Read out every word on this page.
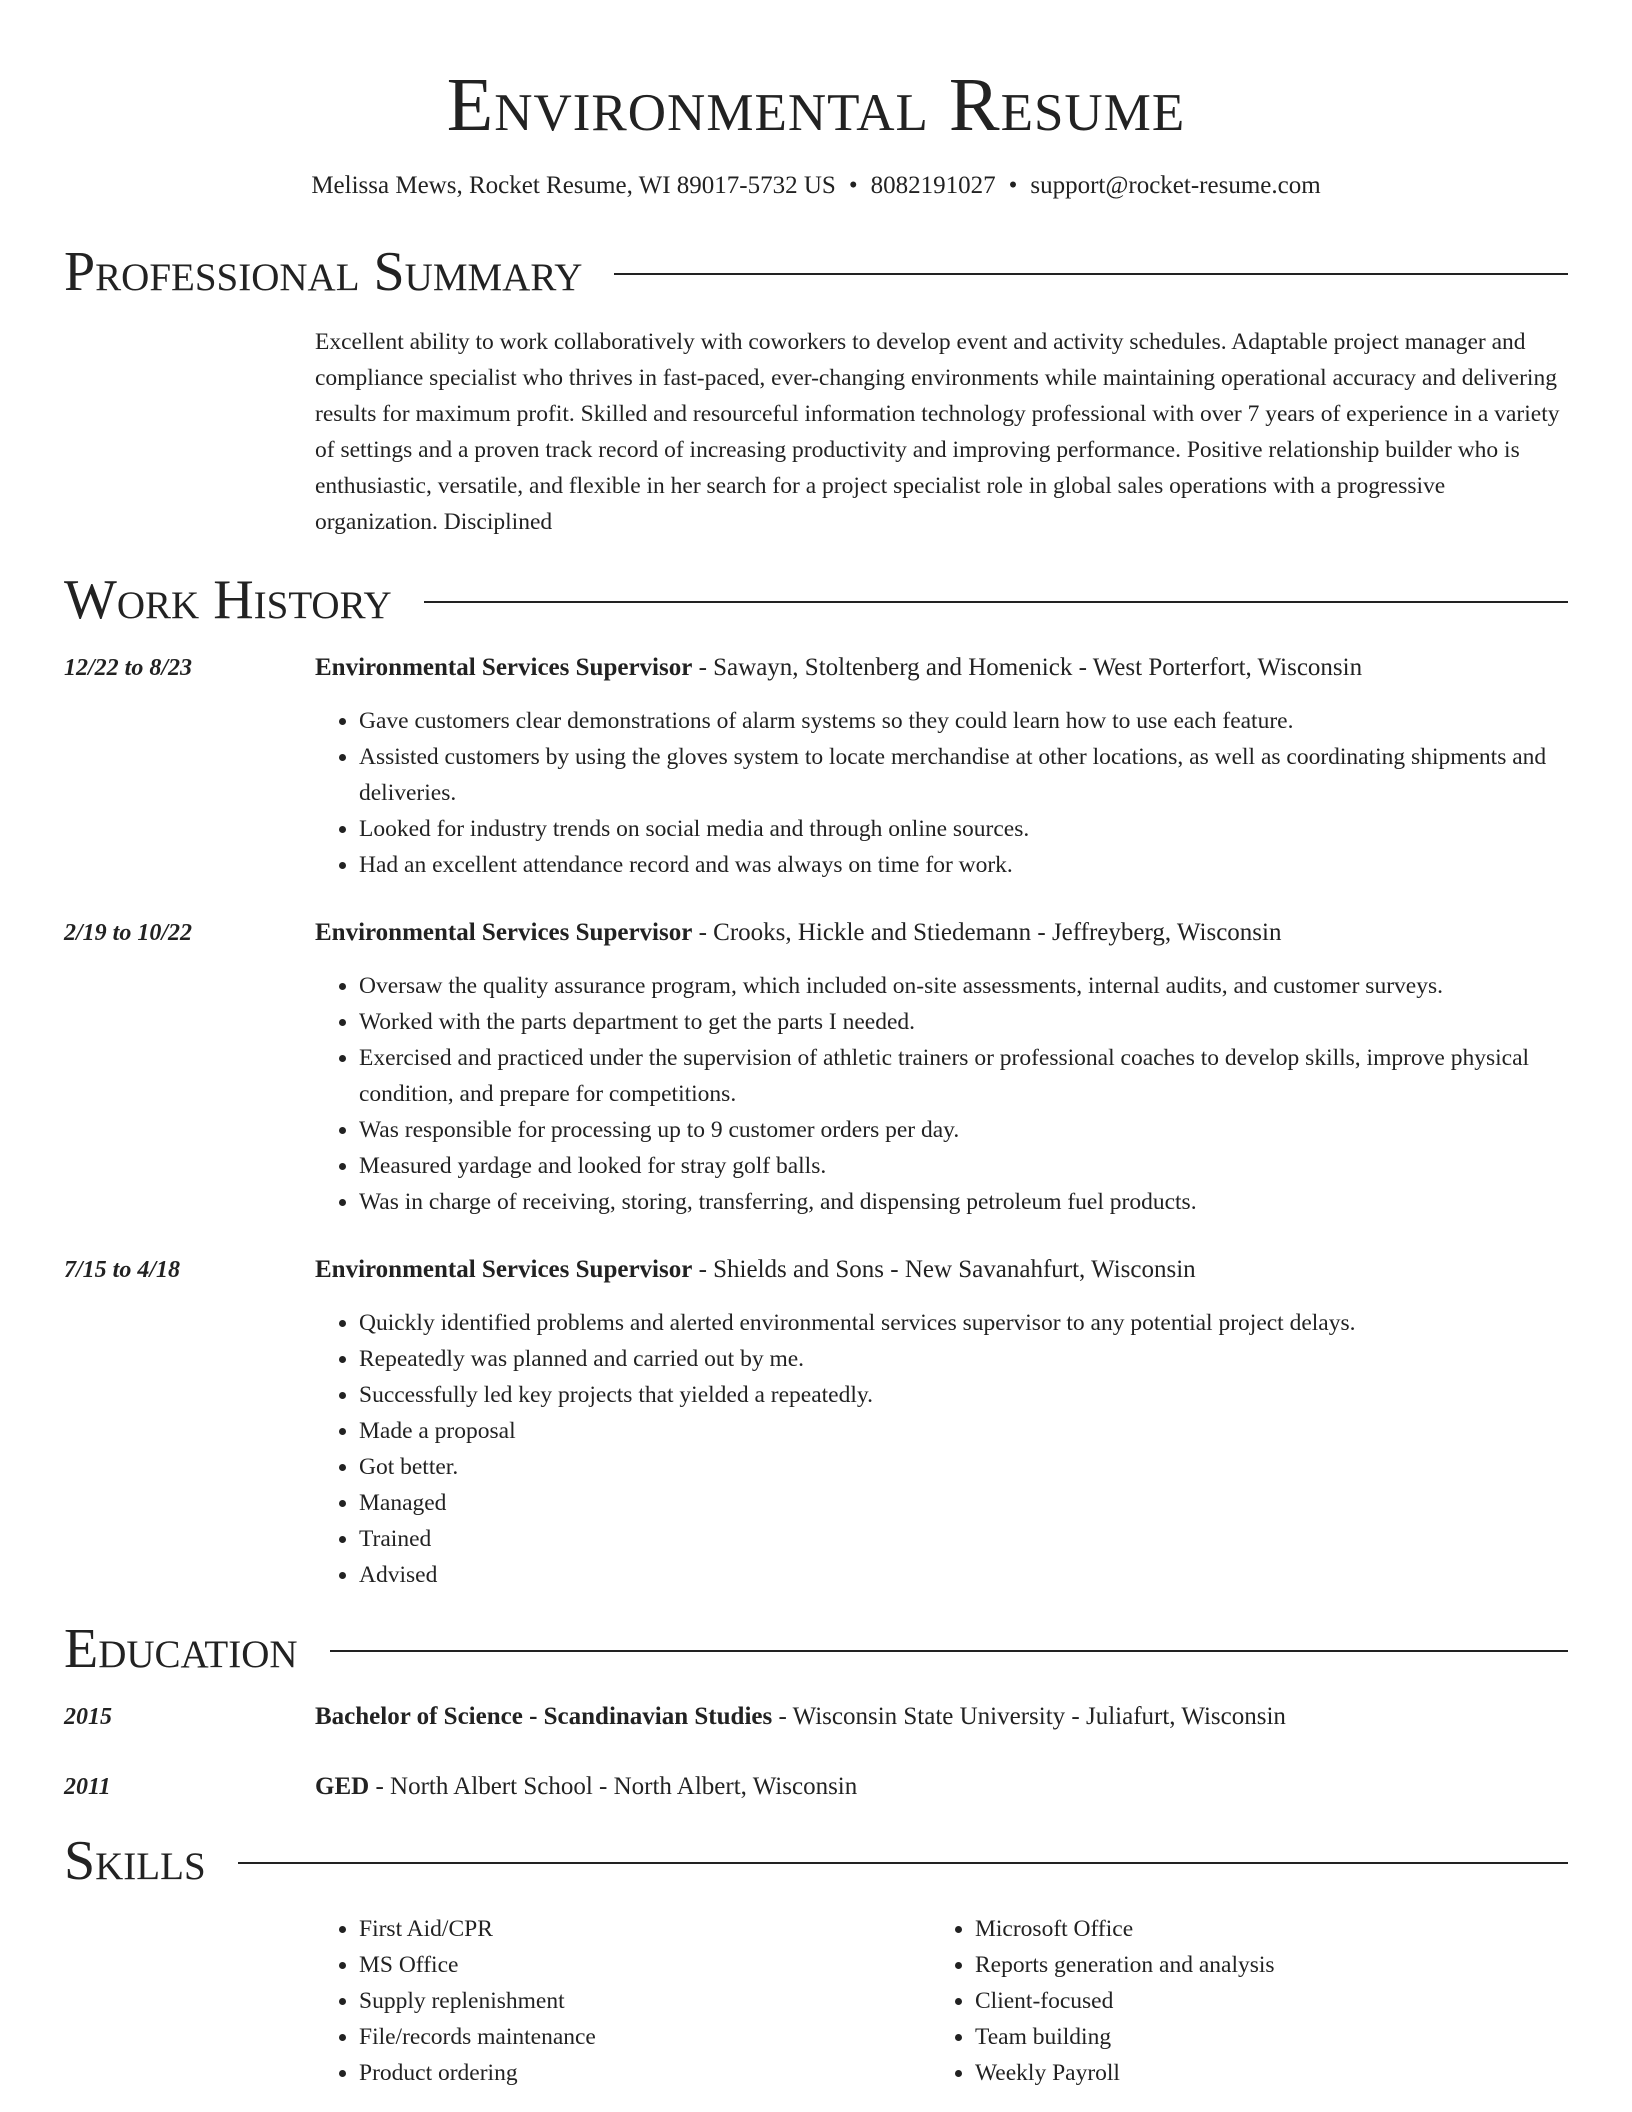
Environmental Resume
Melissa Mews, Rocket Resume, WI 89017-5732 US • 8082191027 • support@rocket-resume.com
Professional Summary
Excellent ability to work collaboratively with coworkers to develop event and activity schedules. Adaptable project manager and compliance specialist who thrives in fast-paced, ever-changing environments while maintaining operational accuracy and delivering results for maximum profit. Skilled and resourceful information technology professional with over 7 years of experience in a variety of settings and a proven track record of increasing productivity and improving performance. Positive relationship builder who is enthusiastic, versatile, and flexible in her search for a project specialist role in global sales operations with a progressive organization. Disciplined
Work History
12/22 to 8/23	Environmental Services Supervisor - Sawayn, Stoltenberg and Homenick - West Porterfort, Wisconsin
• Gave customers clear demonstrations of alarm systems so they could learn how to use each feature.
• Assisted customers by using the gloves system to locate merchandise at other locations, as well as coordinating shipments and deliveries.
• Looked for industry trends on social media and through online sources.
• Had an excellent attendance record and was always on time for work.
2/19 to 10/22	Environmental Services Supervisor - Crooks, Hickle and Stiedemann - Jeffreyberg, Wisconsin
• Oversaw the quality assurance program, which included on-site assessments, internal audits, and customer surveys.
• Worked with the parts department to get the parts I needed.
• Exercised and practiced under the supervision of athletic trainers or professional coaches to develop skills, improve physical condition, and prepare for competitions.
• Was responsible for processing up to 9 customer orders per day.
• Measured yardage and looked for stray golf balls.
• Was in charge of receiving, storing, transferring, and dispensing petroleum fuel products.
7/15 to 4/18	Environmental Services Supervisor - Shields and Sons - New Savanahfurt, Wisconsin
• Quickly identified problems and alerted environmental services supervisor to any potential project delays.
• Repeatedly was planned and carried out by me.
• Successfully led key projects that yielded a repeatedly.
• Made a proposal
• Got better.
• Managed
• Trained
• Advised
Education
2015	Bachelor of Science - Scandinavian Studies - Wisconsin State University - Juliafurt, Wisconsin
2011	GED - North Albert School - North Albert, Wisconsin
Skills
• First Aid/CPR
• MS Office
• Supply replenishment
• File/records maintenance
• Product ordering
• Microsoft Office
• Reports generation and analysis
• Client-focused
• Team building
• Weekly Payroll
